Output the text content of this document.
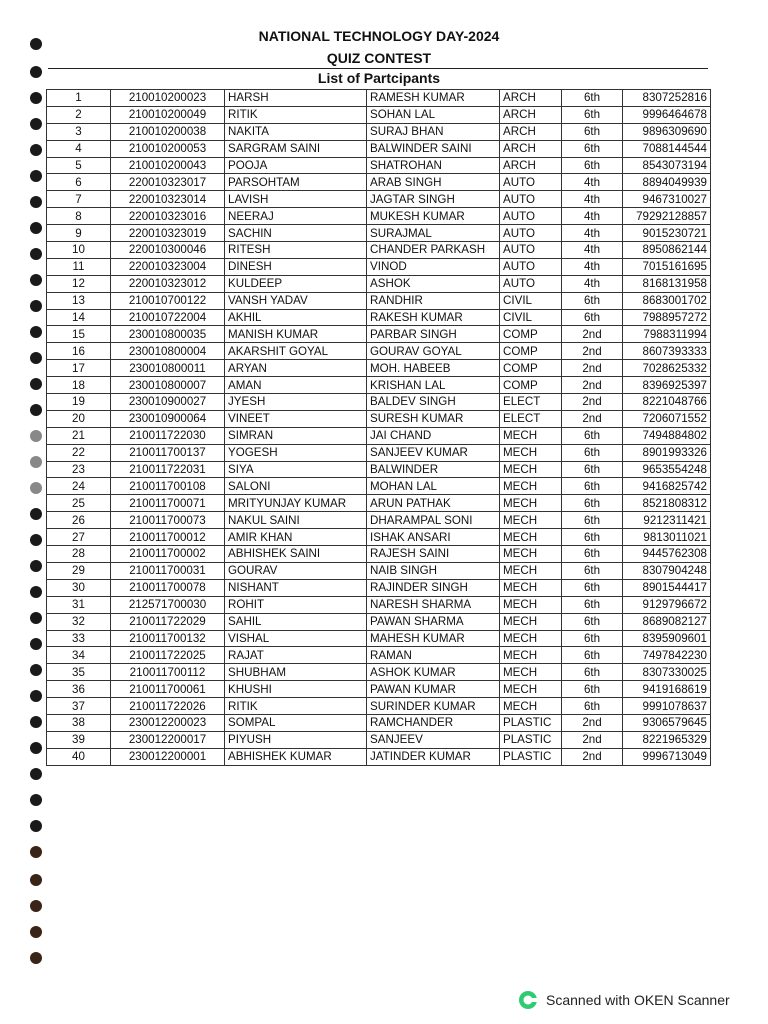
NATIONAL TECHNOLOGY DAY-2024
QUIZ CONTEST
List of Partcipants
1	210010200023	HARSH	RAMESH KUMAR	ARCH	6th	8307252816
2	210010200049	RITIK	SOHAN LAL	ARCH	6th	9996464678
3	210010200038	NAKITA	SURAJ BHAN	ARCH	6th	9896309690
4	210010200053	SARGRAM SAINI	BALWINDER SAINI	ARCH	6th	7088144544
5	210010200043	POOJA	SHATROHAN	ARCH	6th	8543073194
6	220010323017	PARSOHTAM	ARAB SINGH	AUTO	4th	8894049939
7	220010323014	LAVISH	JAGTAR SINGH	AUTO	4th	9467310027
8	220010323016	NEERAJ	MUKESH KUMAR	AUTO	4th	79292128857
9	220010323019	SACHIN	SURAJMAL	AUTO	4th	9015230721
10	220010300046	RITESH	CHANDER PARKASH	AUTO	4th	8950862144
11	220010323004	DINESH	VINOD	AUTO	4th	7015161695
12	220010323012	KULDEEP	ASHOK	AUTO	4th	8168131958
13	210010700122	VANSH YADAV	RANDHIR	CIVIL	6th	8683001702
14	210010722004	AKHIL	RAKESH KUMAR	CIVIL	6th	7988957272
15	230010800035	MANISH KUMAR	PARBAR SINGH	COMP	2nd	7988311994
16	230010800004	AKARSHIT GOYAL	GOURAV GOYAL	COMP	2nd	8607393333
17	230010800011	ARYAN	MOH. HABEEB	COMP	2nd	7028625332
18	230010800007	AMAN	KRISHAN LAL	COMP	2nd	8396925397
19	230010900027	JYESH	BALDEV SINGH	ELECT	2nd	8221048766
20	230010900064	VINEET	SURESH KUMAR	ELECT	2nd	7206071552
21	210011722030	SIMRAN	JAI CHAND	MECH	6th	7494884802
22	210011700137	YOGESH	SANJEEV KUMAR	MECH	6th	8901993326
23	210011722031	SIYA	BALWINDER	MECH	6th	9653554248
24	210011700108	SALONI	MOHAN LAL	MECH	6th	9416825742
25	210011700071	MRITYUNJAY KUMAR	ARUN PATHAK	MECH	6th	8521808312
26	210011700073	NAKUL SAINI	DHARAMPAL SONI	MECH	6th	9212311421
27	210011700012	AMIR KHAN	ISHAK ANSARI	MECH	6th	9813011021
28	210011700002	ABHISHEK SAINI	RAJESH SAINI	MECH	6th	9445762308
29	210011700031	GOURAV	NAIB SINGH	MECH	6th	8307904248
30	210011700078	NISHANT	RAJINDER SINGH	MECH	6th	8901544417
31	212571700030	ROHIT	NARESH SHARMA	MECH	6th	9129796672
32	210011722029	SAHIL	PAWAN SHARMA	MECH	6th	8689082127
33	210011700132	VISHAL	MAHESH KUMAR	MECH	6th	8395909601
34	210011722025	RAJAT	RAMAN	MECH	6th	7497842230
35	210011700112	SHUBHAM	ASHOK KUMAR	MECH	6th	8307330025
36	210011700061	KHUSHI	PAWAN KUMAR	MECH	6th	9419168619
37	210011722026	RITIK	SURINDER KUMAR	MECH	6th	9991078637
38	230012200023	SOMPAL	RAMCHANDER	PLASTIC	2nd	9306579645
39	230012200017	PIYUSH	SANJEEV	PLASTIC	2nd	8221965329
40	230012200001	ABHISHEK KUMAR	JATINDER KUMAR	PLASTIC	2nd	9996713049
Scanned with OKEN Scanner
